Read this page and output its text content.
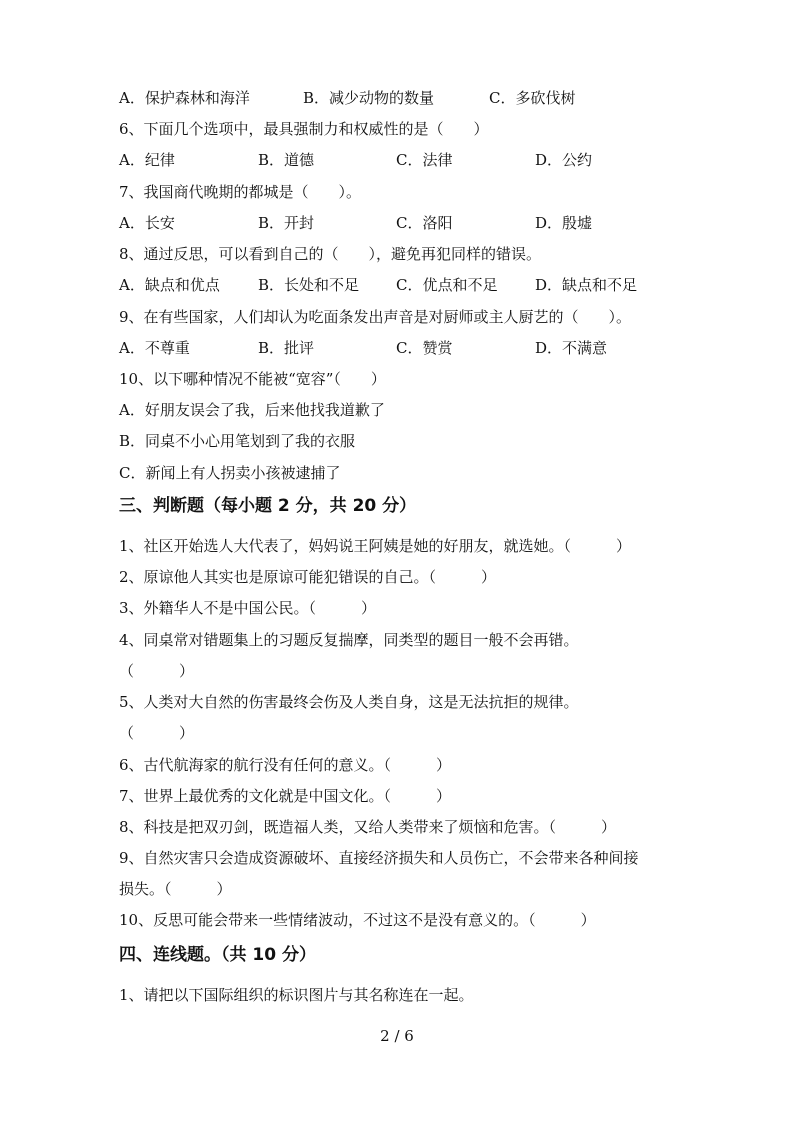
A．保护森林和海洋	B．减少动物的数量	C．多砍伐树
6、下面几个选项中，最具强制力和权威性的是（　　）
A．纪律	B．道德	C．法律	D．公约
7、我国商代晚期的都城是（　　）。
A．长安	B．开封	C．洛阳	D．殷墟
8、通过反思，可以看到自己的（　　），避免再犯同样的错误。
A．缺点和优点	B．长处和不足 C．优点和不足	D．缺点和不足
9、在有些国家，人们却认为吃面条发出声音是对厨师或主人厨艺的（　　）。
A．不尊重	B．批评	C．赞赏	D．不满意
10、以下哪种情况不能被“宽容”（　　）
A．好朋友误会了我，后来他找我道歉了
B．同桌不小心用笔划到了我的衣服
C．新闻上有人拐卖小孩被逮捕了
三、判断题（每小题 2 分，共 20 分）
1、社区开始选人大代表了，妈妈说王阿姨是她的好朋友，就选她。（　　　）
2、原谅他人其实也是原谅可能犯错误的自己。（　　　）
3、外籍华人不是中国公民。（　　　）
4、同桌常对错题集上的习题反复揣摩，同类型的题目一般不会再错。
（　　　）
5、人类对大自然的伤害最终会伤及人类自身，这是无法抗拒的规律。
（　　　）
6、古代航海家的航行没有任何的意义。（　　　）
7、世界上最优秀的文化就是中国文化。（　　　）
8、科技是把双刃剑，既造福人类，又给人类带来了烦恼和危害。（　　　）
9、自然灾害只会造成资源破坏、直接经济损失和人员伤亡，不会带来各种间接
损失。（　　　）
10、反思可能会带来一些情绪波动，不过这不是没有意义的。（　　　）
四、连线题。（共 10 分）
1、请把以下国际组织的标识图片与其名称连在一起。
2 / 6
